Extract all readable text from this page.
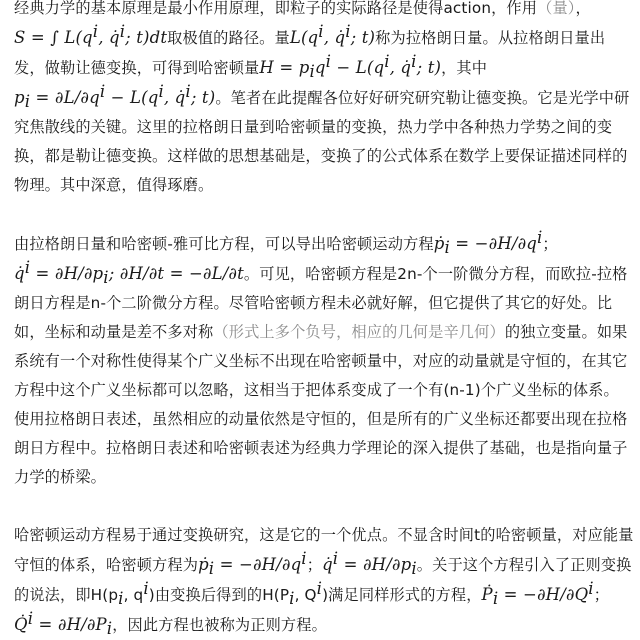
经典力学的基本原理是最小作用原理，即粒子的实际路径是使得action，作用（量），S = ∫ $L(q^i$, q̇$^i$; t)dt取极值的路径。量$L(q^i$, q̇$^i$; t)称为拉格朗日量。从拉格朗日量出发，做勒让德变换，可得到哈密顿量$H = p_iq^i - L(q^i$, q̇$^i$; t)，其中$p_i = \partial L/\partial q^i - L(q^i$, q̇$^i$; t)。笔者在此提醒各位好好研究研究勒让德变换。它是光学中研究焦散线的关键。这里的拉格朗日量到哈密顿量的变换，热力学中各种热力学势之间的变换，都是勒让德变换。这样做的思想基础是，变换了的公式体系在数学上要保证描述同样的物理。其中深意，值得琢磨。

由拉格朗日量和哈密顿-雅可比方程，可以导出哈密顿运动方程ṗ$_i$ = $-\partial H/\partial q^i$；q̇$^i$ = $\partial H/\partial p_i$; ∂H/∂t = −∂L/∂t。可见，哈密顿方程是2n-个一阶微分方程，而欧拉-拉格朗日方程是n-个二阶微分方程。尽管哈密顿方程未必就好解，但它提供了其它的好处。比如，坐标和动量是差不多对称（形式上多个负号，相应的几何是辛几何）的独立变量。如果系统有一个对称性使得某个广义坐标不出现在哈密顿量中，对应的动量就是守恒的，在其它方程中这个广义坐标都可以忽略，这相当于把体系变成了一个有(n-1)个广义坐标的体系。使用拉格朗日表述，虽然相应的动量依然是守恒的，但是所有的广义坐标还都要出现在拉格朗日方程中。拉格朗日表述和哈密顿表述为经典力学理论的深入提供了基础，也是指向量子力学的桥梁。

哈密顿运动方程易于通过变换研究，这是它的一个优点。不显含时间t的哈密顿量，对应能量守恒的体系，哈密顿方程为ṗ$_i$ = $-\partial H/\partial q^i$；q̇$^i$ = $\partial H/\partial p_i$。关于这个方程引入了正则变换的说法，即$H(p_i$, $q^i$)由变换后得到的$H(P_i$, $Q^i$)满足同样形式的方程，Ṗ$_i$ = $-\partial H/\partial Q^i$；Q̇$^i$ = $\partial H/\partial P_i$，因此方程也被称为正则方程。
